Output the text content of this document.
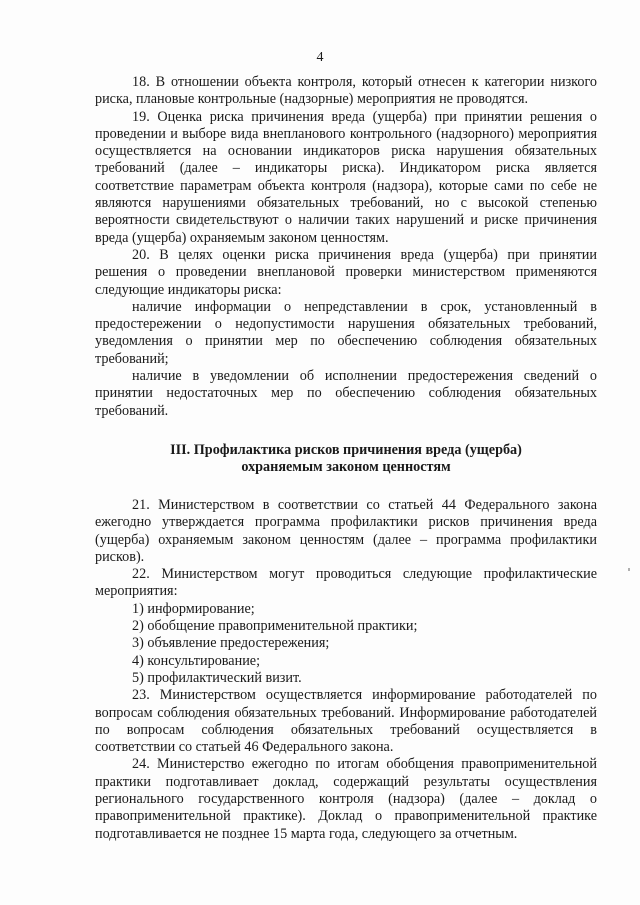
4

18. В отношении объекта контроля, который отнесен к категории низкого риска, плановые контрольные (надзорные) мероприятия не проводятся.

19. Оценка риска причинения вреда (ущерба) при принятии решения о проведении и выборе вида внепланового контрольного (надзорного) мероприятия осуществляется на основании индикаторов риска нарушения обязательных требований (далее – индикаторы риска). Индикатором риска является соответствие параметрам объекта контроля (надзора), которые сами по себе не являются нарушениями обязательных требований, но с высокой степенью вероятности свидетельствуют о наличии таких нарушений и риске причинения вреда (ущерба) охраняемым законом ценностям.

20. В целях оценки риска причинения вреда (ущерба) при принятии решения о проведении внеплановой проверки министерством применяются следующие индикаторы риска:

наличие информации о непредставлении в срок, установленный в предостережении о недопустимости нарушения обязательных требований, уведомления о принятии мер по обеспечению соблюдения обязательных требований;

наличие в уведомлении об исполнении предостережения сведений о принятии недостаточных мер по обеспечению соблюдения обязательных требований.

III. Профилактика рисков причинения вреда (ущерба)
охраняемым законом ценностям

21. Министерством в соответствии со статьей 44 Федерального закона ежегодно утверждается программа профилактики рисков причинения вреда (ущерба) охраняемым законом ценностям (далее – программа профилактики рисков).

22. Министерством могут проводиться следующие профилактические мероприятия:

1) информирование;

2) обобщение правоприменительной практики;

3) объявление предостережения;

4) консультирование;

5) профилактический визит.

23. Министерством осуществляется информирование работодателей по вопросам соблюдения обязательных требований. Информирование работодателей по вопросам соблюдения обязательных требований осуществляется в соответствии со статьей 46 Федерального закона.

24. Министерство ежегодно по итогам обобщения правоприменительной практики подготавливает доклад, содержащий результаты осуществления регионального государственного контроля (надзора) (далее – доклад о правоприменительной практике). Доклад о правоприменительной практике подготавливается не позднее 15 марта года, следующего за отчетным.
